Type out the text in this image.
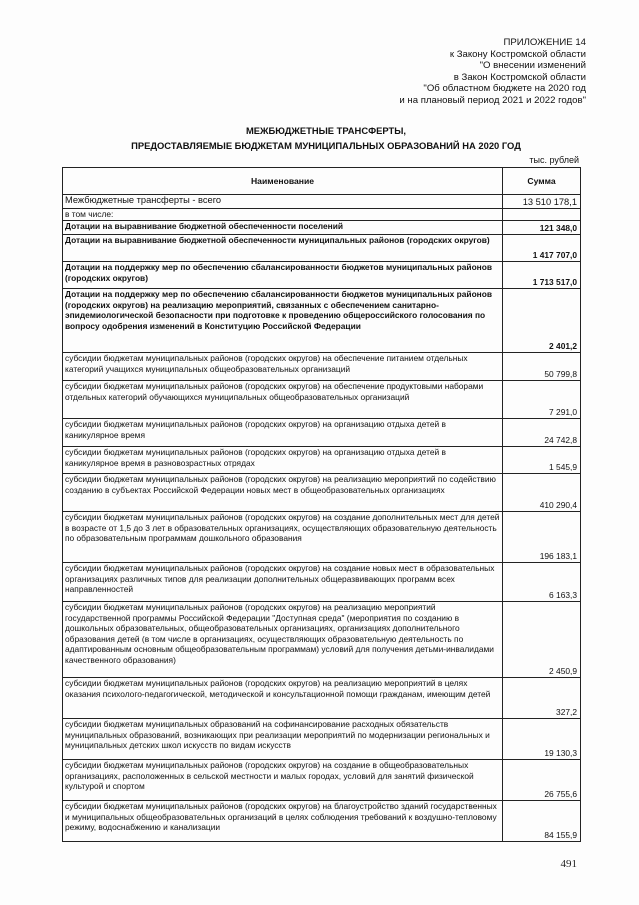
ПРИЛОЖЕНИЕ 14
к Закону Костромской области
"О внесении изменений
в Закон Костромской области
"Об областном бюджете на 2020 год
и на плановый период 2021 и 2022 годов"
МЕЖБЮДЖЕТНЫЕ ТРАНСФЕРТЫ,
ПРЕДОСТАВЛЯЕМЫЕ БЮДЖЕТАМ МУНИЦИПАЛЬНЫХ ОБРАЗОВАНИЙ НА 2020 ГОД
тыс. рублей
Наименование	Сумма
Межбюджетные трансферты - всего	13 510 178,1
в том числе:	
Дотации на выравнивание бюджетной обеспеченности поселений	121 348,0
Дотации на выравнивание бюджетной обеспеченности муниципальных районов (городских округов)	1 417 707,0
Дотации на поддержку мер по обеспечению сбалансированности бюджетов муниципальных районов (городских округов)	1 713 517,0
Дотации на поддержку мер по обеспечению сбалансированности бюджетов муниципальных районов (городских округов) на реализацию мероприятий, связанных с обеспечением санитарно-эпидемиологической безопасности при подготовке к проведению общероссийского голосования по вопросу одобрения изменений в Конституцию Российской Федерации	2 401,2
субсидии бюджетам муниципальных районов (городских округов) на обеспечение питанием отдельных категорий учащихся муниципальных общеобразовательных организаций	50 799,8
субсидии бюджетам муниципальных районов (городских округов) на обеспечение продуктовыми наборами отдельных категорий обучающихся муниципальных общеобразовательных организаций	7 291,0
субсидии бюджетам муниципальных районов (городских округов) на организацию отдыха детей в каникулярное время	24 742,8
субсидии бюджетам муниципальных районов (городских округов) на организацию отдыха детей в каникулярное время в разновозрастных отрядах	1 545,9
субсидии бюджетам муниципальных районов (городских округов) на реализацию мероприятий по содействию созданию в субъектах Российской Федерации новых мест в общеобразовательных организациях	410 290,4
субсидии бюджетам муниципальных районов (городских округов) на создание дополнительных мест для детей в возрасте от 1,5 до 3 лет в образовательных организациях, осуществляющих образовательную деятельность по образовательным программам дошкольного образования	196 183,1
субсидии бюджетам муниципальных районов (городских округов) на создание новых мест в образовательных организациях различных типов для реализации дополнительных общеразвивающих программ всех направленностей	6 163,3
субсидии бюджетам муниципальных районов (городских округов) на реализацию мероприятий государственной программы Российской Федерации "Доступная среда" (мероприятия по созданию в дошкольных образовательных, общеобразовательных организациях, организациях дополнительного образования детей (в том числе в организациях, осуществляющих образовательную деятельность по адаптированным основным общеобразовательным программам) условий для получения детьми-инвалидами качественного образования)	2 450,9
субсидии бюджетам муниципальных районов (городских округов) на реализацию мероприятий в целях оказания психолого-педагогической, методической и консультационной помощи гражданам, имеющим детей	327,2
субсидии бюджетам муниципальных образований на софинансирование расходных обязательств муниципальных образований, возникающих при реализации мероприятий по модернизации региональных и муниципальных детских школ искусств по видам искусств	19 130,3
субсидии бюджетам муниципальных районов (городских округов) на создание в общеобразовательных организациях, расположенных в сельской местности и малых городах, условий для занятий физической культурой и спортом	26 755,6
субсидии бюджетам муниципальных районов (городских округов) на благоустройство зданий государственных и муниципальных общеобразовательных организаций в целях соблюдения требований к воздушно-тепловому режиму, водоснабжению и канализации	84 155,9
491
